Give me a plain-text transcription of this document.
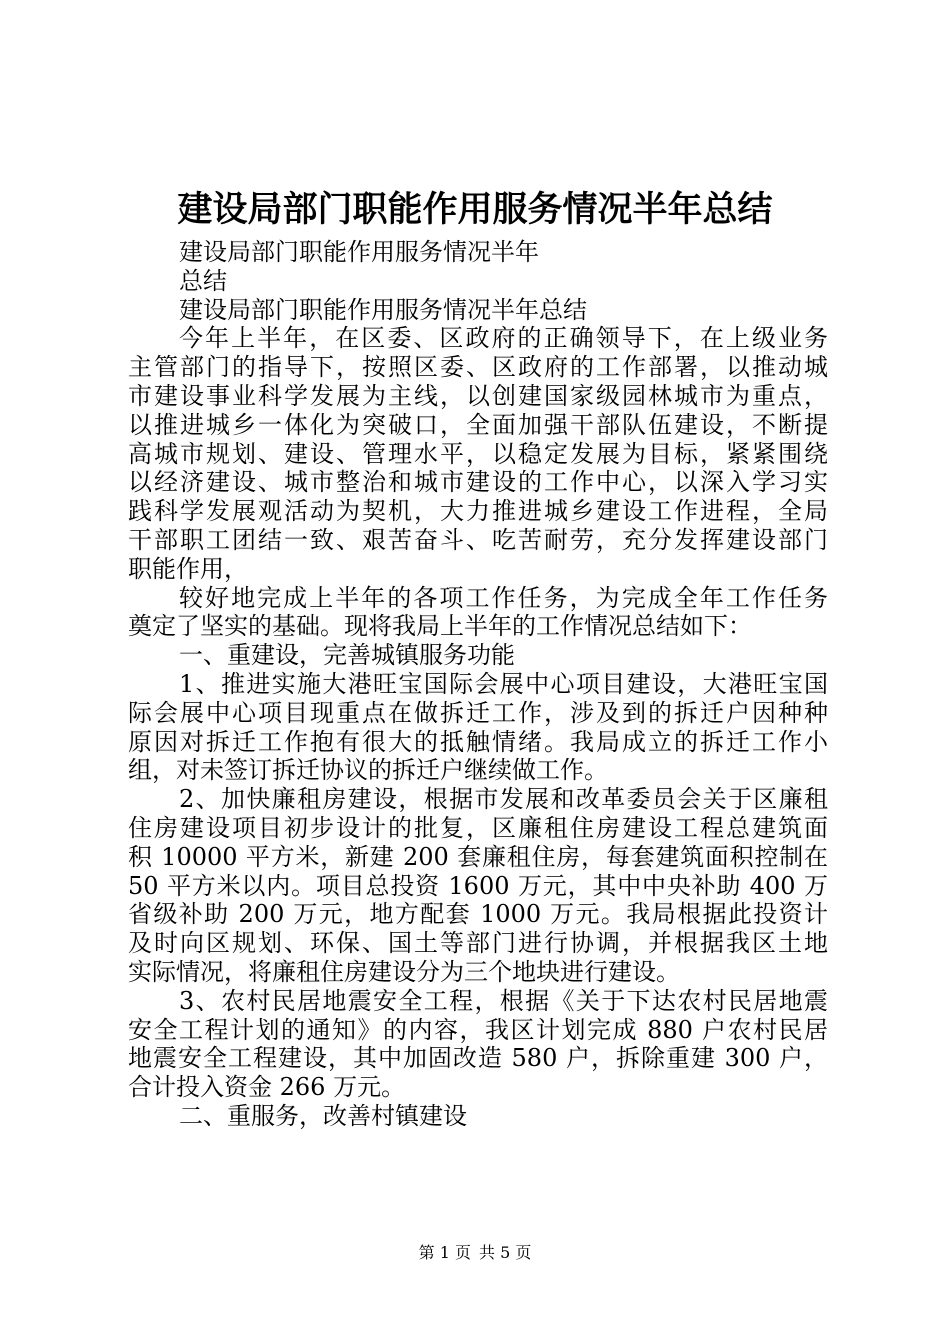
建设局部门职能作用服务情况半年总结
建设局部门职能作用服务情况半年
总结
建设局部门职能作用服务情况半年总结
今年上半年，在区委、区政府的正确领导下，在上级业务
主管部门的指导下，按照区委、区政府的工作部署，以推动城
市建设事业科学发展为主线，以创建国家级园林城市为重点，
以推进城乡一体化为突破口，全面加强干部队伍建设，不断提
高城市规划、建设、管理水平，以稳定发展为目标，紧紧围绕
以经济建设、城市整治和城市建设的工作中心，以深入学习实
践科学发展观活动为契机，大力推进城乡建设工作进程，全局
干部职工团结一致、艰苦奋斗、吃苦耐劳，充分发挥建设部门
职能作用，
较好地完成上半年的各项工作任务，为完成全年工作任务
奠定了坚实的基础。现将我局上半年的工作情况总结如下：
一、重建设，完善城镇服务功能
1、推进实施大港旺宝国际会展中心项目建设，大港旺宝国
际会展中心项目现重点在做拆迁工作，涉及到的拆迁户因种种
原因对拆迁工作抱有很大的抵触情绪。我局成立的拆迁工作小
组，对未签订拆迁协议的拆迁户继续做工作。
2、加快廉租房建设，根据市发展和改革委员会关于区廉租
住房建设项目初步设计的批复，区廉租住房建设工程总建筑面
积 10000 平方米，新建 200 套廉租住房，每套建筑面积控制在
50 平方米以内。项目总投资 1600 万元，其中中央补助 400 万
省级补助 200 万元，地方配套 1000 万元。我局根据此投资计
及时向区规划、环保、国土等部门进行协调，并根据我区土地
实际情况，将廉租住房建设分为三个地块进行建设。
3、农村民居地震安全工程，根据《关于下达农村民居地震
安全工程计划的通知》的内容，我区计划完成 880 户农村民居
地震安全工程建设，其中加固改造 580 户，拆除重建 300 户，
合计投入资金 266 万元。
二、重服务，改善村镇建设
第 1 页 共 5 页
